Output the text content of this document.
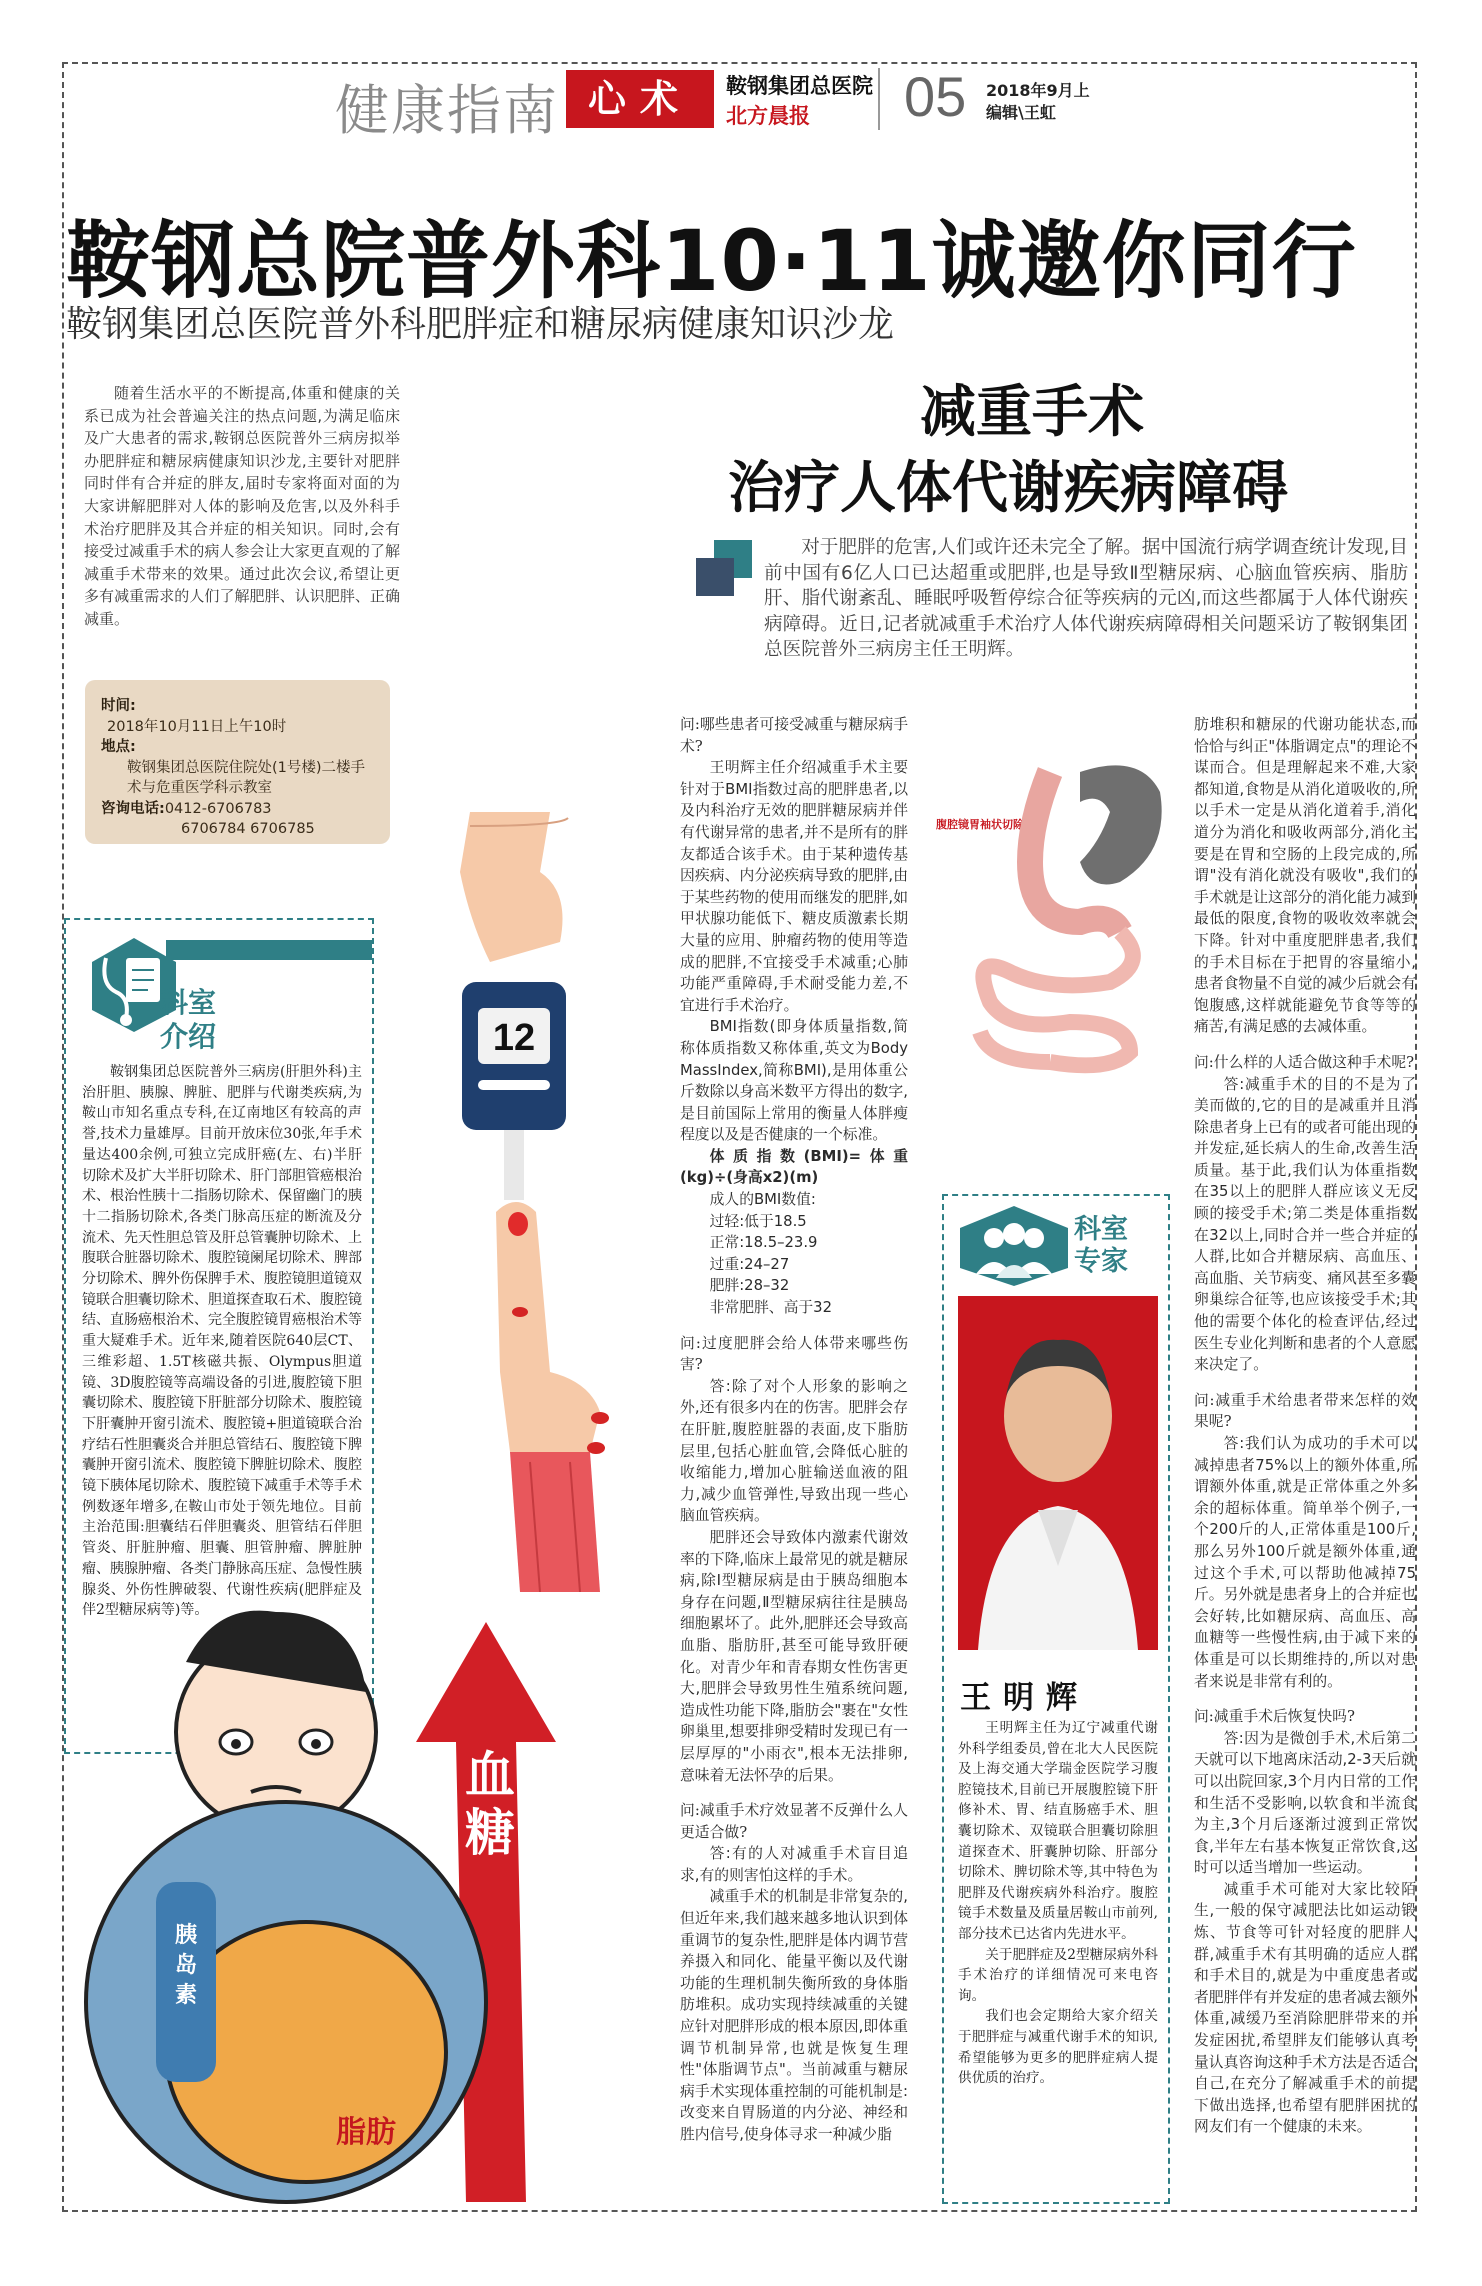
健康指南 心术	鞍钢集团总医院
北方晨报 05 2018年9月上
编辑\王虹
鞍钢总院普外科10·11诚邀你同行
鞍钢集团总医院普外科肥胖症和糖尿病健康知识沙龙

随着生活水平的不断提高,体重和健康的关系已成为社会普遍关注的热点问题,为满足临床及广大患者的需求,鞍钢总医院普外三病房拟举办肥胖症和糖尿病健康知识沙龙,主要针对肥胖同时伴有合并症的胖友,届时专家将面对面的为大家讲解肥胖对人体的影响及危害,以及外科手术治疗肥胖及其合并症的相关知识。同时,会有接受过减重手术的病人参会让大家更直观的了解减重手术带来的效果。通过此次会议,希望让更多有减重需求的人们了解肥胖、认识肥胖、正确减重。

时间:
2018年10月11日上午10时
地点:
鞍钢集团总医院住院处(1号楼)二楼手术与危重医学科示教室
咨询电话:0412-6706783
6706784 6706785
12
科室介绍

鞍钢集团总医院普外三病房(肝胆外科)主治肝胆、胰腺、脾脏、肥胖与代谢类疾病,为鞍山市知名重点专科,在辽南地区有较高的声誉,技术力量雄厚。目前开放床位30张,年手术量达400余例,可独立完成肝癌(左、右)半肝切除术及扩大半肝切除术、肝门部胆管癌根治术、根治性胰十二指肠切除术、保留幽门的胰十二指肠切除术,各类门脉高压症的断流及分流术、先天性胆总管及肝总管囊肿切除术、上腹联合脏器切除术、腹腔镜阑尾切除术、脾部分切除术、脾外伤保脾手术、腹腔镜胆道镜双镜联合胆囊切除术、胆道探查取石术、腹腔镜结、直肠癌根治术、完全腹腔镜胃癌根治术等重大疑难手术。近年来,随着医院640层CT、三维彩超、1.5T核磁共振、Olympus胆道镜、3D腹腔镜等高端设备的引进,腹腔镜下胆囊切除术、腹腔镜下肝脏部分切除术、腹腔镜下肝囊肿开窗引流术、腹腔镜+胆道镜联合治疗结石性胆囊炎合并胆总管结石、腹腔镜下脾囊肿开窗引流术、腹腔镜下脾脏切除术、腹腔镜下胰体尾切除术、腹腔镜下减重手术等手术例数逐年增多,在鞍山市处于领先地位。目前主治范围:胆囊结石伴胆囊炎、胆管结石伴胆管炎、肝脏肿瘤、胆囊、胆管肿瘤、脾脏肿瘤、胰腺肿瘤、各类门静脉高压症、急慢性胰腺炎、外伤性脾破裂、代谢性疾病(肥胖症及伴2型糖尿病等)等。

血
糖
胰
岛
素
脂肪
减重手术
治疗人体代谢疾病障碍

对于肥胖的危害,人们或许还未完全了解。据中国流行病学调查统计发现,目前中国有6亿人口已达超重或肥胖,也是导致Ⅱ型糖尿病、心脑血管疾病、脂肪肝、脂代谢紊乱、睡眠呼吸暂停综合征等疾病的元凶,而这些都属于人体代谢疾病障碍。近日,记者就减重手术治疗人体代谢疾病障碍相关问题采访了鞍钢集团总医院普外三病房主任王明辉。

问:哪些患者可接受减重与糖尿病手术?

王明辉主任介绍减重手术主要针对于BMI指数过高的肥胖患者,以及内科治疗无效的肥胖糖尿病并伴有代谢异常的患者,并不是所有的胖友都适合该手术。由于某种遗传基因疾病、内分泌疾病导致的肥胖,由于某些药物的使用而继发的肥胖,如甲状腺功能低下、糖皮质激素长期大量的应用、肿瘤药物的使用等造成的肥胖,不宜接受手术减重;心肺功能严重障碍,手术耐受能力差,不宜进行手术治疗。

BMI指数(即身体质量指数,简称体质指数又称体重,英文为Body MassIndex,简称BMI),是用体重公斤数除以身高米数平方得出的数字,是目前国际上常用的衡量人体胖瘦程度以及是否健康的一个标准。

体质指数(BMI)=体重(kg)÷(身高x2)(m)

成人的BMI数值:
过轻:低于18.5
正常:18.5–23.9
过重:24–27
肥胖:28–32
非常肥胖、高于32

问:过度肥胖会给人体带来哪些伤害?

答:除了对个人形象的影响之外,还有很多内在的伤害。肥胖会存在肝脏,腹腔脏器的表面,皮下脂肪层里,包括心脏血管,会降低心脏的收缩能力,增加心脏输送血液的阻力,减少血管弹性,导致出现一些心脑血管疾病。

肥胖还会导致体内激素代谢效率的下降,临床上最常见的就是糖尿病,除Ⅰ型糖尿病是由于胰岛细胞本身存在问题,Ⅱ型糖尿病往往是胰岛细胞累坏了。此外,肥胖还会导致高血脂、脂肪肝,甚至可能导致肝硬化。对青少年和青春期女性伤害更大,肥胖会导致男性生殖系统问题,造成性功能下降,脂肪会"裹在"女性卵巢里,想要排卵受精时发现已有一层厚厚的"小雨衣",根本无法排卵,意味着无法怀孕的后果。

问:减重手术疗效显著不反弹什么人更适合做?

答:有的人对减重手术盲目追求,有的则害怕这样的手术。

减重手术的机制是非常复杂的,但近年来,我们越来越多地认识到体重调节的复杂性,肥胖是体内调节营养摄入和同化、能量平衡以及代谢功能的生理机制失衡所致的身体脂肪堆积。成功实现持续减重的关键应针对肥胖形成的根本原因,即体重调节机制异常,也就是恢复生理性"体脂调节点"。当前减重与糖尿病手术实现体重控制的可能机制是:改变来自胃肠道的内分泌、神经和胜内信号,使身体寻求一种减少脂

腹腔镜胃袖状切除术
科室专家
王明辉

王明辉主任为辽宁减重代谢外科学组委员,曾在北大人民医院及上海交通大学瑞金医院学习腹腔镜技术,目前已开展腹腔镜下肝修补术、胃、结直肠癌手术、胆囊切除术、双镜联合胆囊切除胆道探查术、肝囊肿切除、肝部分切除术、脾切除术等,其中特色为肥胖及代谢疾病外科治疗。腹腔镜手术数量及质量居鞍山市前列,部分技术已达省内先进水平。

关于肥胖症及2型糖尿病外科手术治疗的详细情况可来电咨询。

我们也会定期给大家介绍关于肥胖症与减重代谢手术的知识,希望能够为更多的肥胖症病人提供优质的治疗。

肪堆积和糖尿的代谢功能状态,而恰恰与纠正"体脂调定点"的理论不谋而合。但是理解起来不难,大家都知道,食物是从消化道吸收的,所以手术一定是从消化道着手,消化道分为消化和吸收两部分,消化主要是在胃和空肠的上段完成的,所谓"没有消化就没有吸收",我们的手术就是让这部分的消化能力减到最低的限度,食物的吸收效率就会下降。针对中重度肥胖患者,我们的手术目标在于把胃的容量缩小,患者食物量不自觉的减少后就会有饱腹感,这样就能避免节食等等的痛苦,有满足感的去减体重。

问:什么样的人适合做这种手术呢?

答:减重手术的目的不是为了美而做的,它的目的是减重并且消除患者身上已有的或者可能出现的并发症,延长病人的生命,改善生活质量。基于此,我们认为体重指数在35以上的肥胖人群应该义无反顾的接受手术;第二类是体重指数在32以上,同时合并一些合并症的人群,比如合并糖尿病、高血压、高血脂、关节病变、痛风甚至多囊卵巢综合征等,也应该接受手术;其他的需要个体化的检查评估,经过医生专业化判断和患者的个人意愿来决定了。

问:减重手术给患者带来怎样的效果呢?

答:我们认为成功的手术可以减掉患者75%以上的额外体重,所谓额外体重,就是正常体重之外多余的超标体重。简单举个例子,一个200斤的人,正常体重是100斤,那么另外100斤就是额外体重,通过这个手术,可以帮助他减掉75斤。另外就是患者身上的合并症也会好转,比如糖尿病、高血压、高血糖等一些慢性病,由于减下来的体重是可以长期维持的,所以对患者来说是非常有利的。

问:减重手术后恢复快吗?

答:因为是微创手术,术后第二天就可以下地离床活动,2-3天后就可以出院回家,3个月内日常的工作和生活不受影响,以软食和半流食为主,3个月后逐渐过渡到正常饮食,半年左右基本恢复正常饮食,这时可以适当增加一些运动。

减重手术可能对大家比较陌生,一般的保守减肥法比如运动锻炼、节食等可针对轻度的肥胖人群,减重手术有其明确的适应人群和手术目的,就是为中重度患者或者肥胖伴有并发症的患者减去额外体重,减缓乃至消除肥胖带来的并发症困扰,希望胖友们能够认真考量认真咨询这种手术方法是否适合自己,在充分了解减重手术的前提下做出选择,也希望有肥胖困扰的网友们有一个健康的未来。
